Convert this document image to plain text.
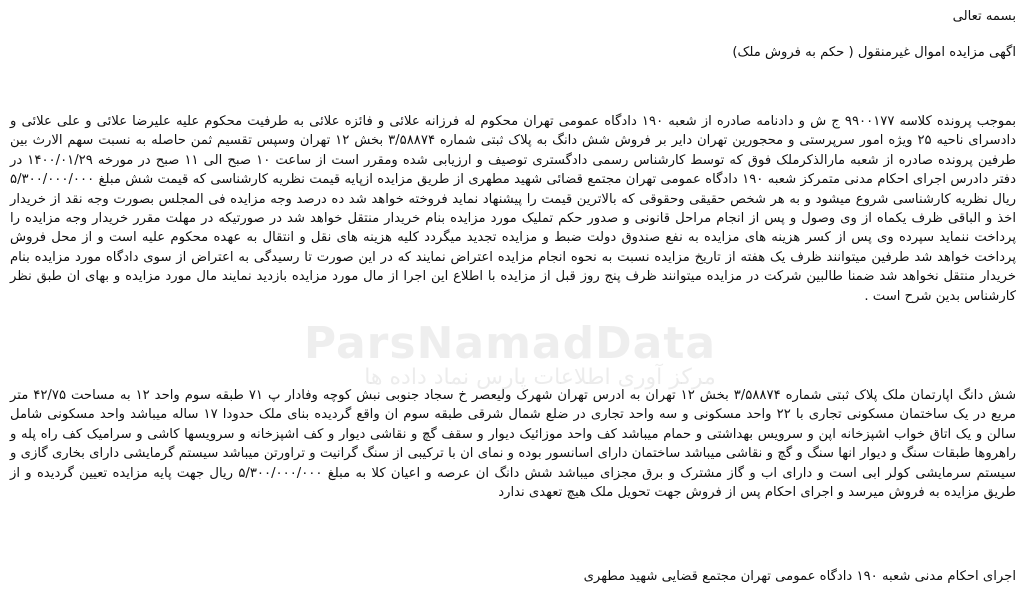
بسمه تعالی
اگهی مزایده اموال غیرمنقول ( حکم به فروش ملک)
بموجب پرونده کلاسه ۹۹۰۰۱۷۷ ج ش و دادنامه صادره از شعبه ۱۹۰ دادگاه عمومی تهران محکوم له فرزانه علائی و فائزه علائی به طرفیت محکوم علیه علیرضا علائی و علی علائی و دادسرای ناحیه ۲۵ ویژه امور سرپرستی و محجورین تهران دایر بر فروش شش دانگ به پلاک ثبتی شماره ۳/۵۸۸۷۴ بخش ۱۲ تهران وسپس تقسیم ثمن حاصله به نسبت سهم الارث بین طرفین پرونده صادره از شعبه مارالذکرملک فوق که توسط کارشناس رسمی دادگستری توصیف و ارزیابی شده ومقرر است از ساعت ۱۰ صبح الی ۱۱ صبح در مورخه ۱۴۰۰/۰۱/۲۹ در دفتر دادرس اجرای احکام مدنی متمرکز شعبه ۱۹۰ دادگاه عمومی تهران مجتمع قضائی شهید مطهری از طریق مزایده ازپایه قیمت نظریه کارشناسی که قیمت شش مبلغ ۵/۳۰۰/۰۰۰/۰۰۰ ریال نظریه کارشناسی شروع میشود و به هر شخص حقیقی وحقوقی که بالاترین قیمت را پیشنهاد نماید فروخته خواهد شد ده درصد وجه مزایده فی المجلس بصورت وجه نقد از خریدار اخذ و الباقی ظرف یکماه از وی وصول و پس از انجام مراحل قانونی و صدور حکم تملیک مورد مزایده بنام خریدار منتقل خواهد شد در صورتیکه در مهلت مقرر خریدار وجه مزایده را پرداخت ننماید سپرده وی پس از کسر هزینه های مزایده به نفع صندوق دولت ضبط و مزایده تجدید میگردد کلیه هزینه های نقل و انتقال به عهده محکوم علیه است و از محل فروش پرداخت خواهد شد طرفین میتوانند ظرف یک هفته از تاریخ مزایده نسبت به نحوه انجام مزایده اعتراض نمایند که در این صورت تا رسیدگی به اعتراض از سوی دادگاه مورد مزایده بنام خریدار منتقل نخواهد شد ضمنا طالبین شرکت در مزایده میتوانند ظرف پنج روز قبل از مزایده با اطلاع این اجرا از مال مورد مزایده بازدید نمایند مال مورد مزایده و بهای ان طبق نظر کارشناس بدین شرح است .
شش دانگ اپارتمان ملک پلاک ثبتی شماره ۳/۵۸۸۷۴ بخش ۱۲ تهران به ادرس تهران شهرک ولیعصر خ سجاد جنوبی نبش کوچه وفادار پ ۷۱ طبقه سوم واحد ۱۲ به مساحت ۴۲/۷۵ متر مربع در یک ساختمان مسکونی تجاری با ۲۲ واحد مسکونی و سه واحد تجاری در ضلع شمال شرقی طبقه سوم ان واقع گردیده بنای ملک حدودا ۱۷ ساله میباشد واحد مسکونی شامل سالن و یک اتاق خواب اشپزخانه اپن و سرویس بهداشتی و حمام میباشد کف واحد موزائیک دیوار و سقف گچ و نقاشی دیوار و کف اشپزخانه و سرویسها کاشی و سرامیک کف راه پله و راهروها طبقات سنگ و دیوار انها سنگ و گچ و نقاشی میباشد ساختمان دارای اسانسور بوده و نمای ان با ترکیبی از سنگ گرانیت و تراورتن میباشد سیستم گرمایشی دارای بخاری گازی و سیستم سرمایشی کولر ابی است و دارای اب و گاز مشترک و برق مجزای میباشد شش دانگ ان عرصه و اعیان کلا به مبلغ ۵/۳۰۰/۰۰۰/۰۰۰ ریال جهت پایه مزایده تعیین گردیده و از طریق مزایده به فروش میرسد و اجرای احکام پس از فروش جهت تحویل ملک هیچ تعهدی ندارد
اجرای احکام مدنی شعبه ۱۹۰ دادگاه عمومی تهران مجتمع قضایی شهید مطهری
ParsNamadData
مرکز آوری اطلاعات پارس نماد داده ها
